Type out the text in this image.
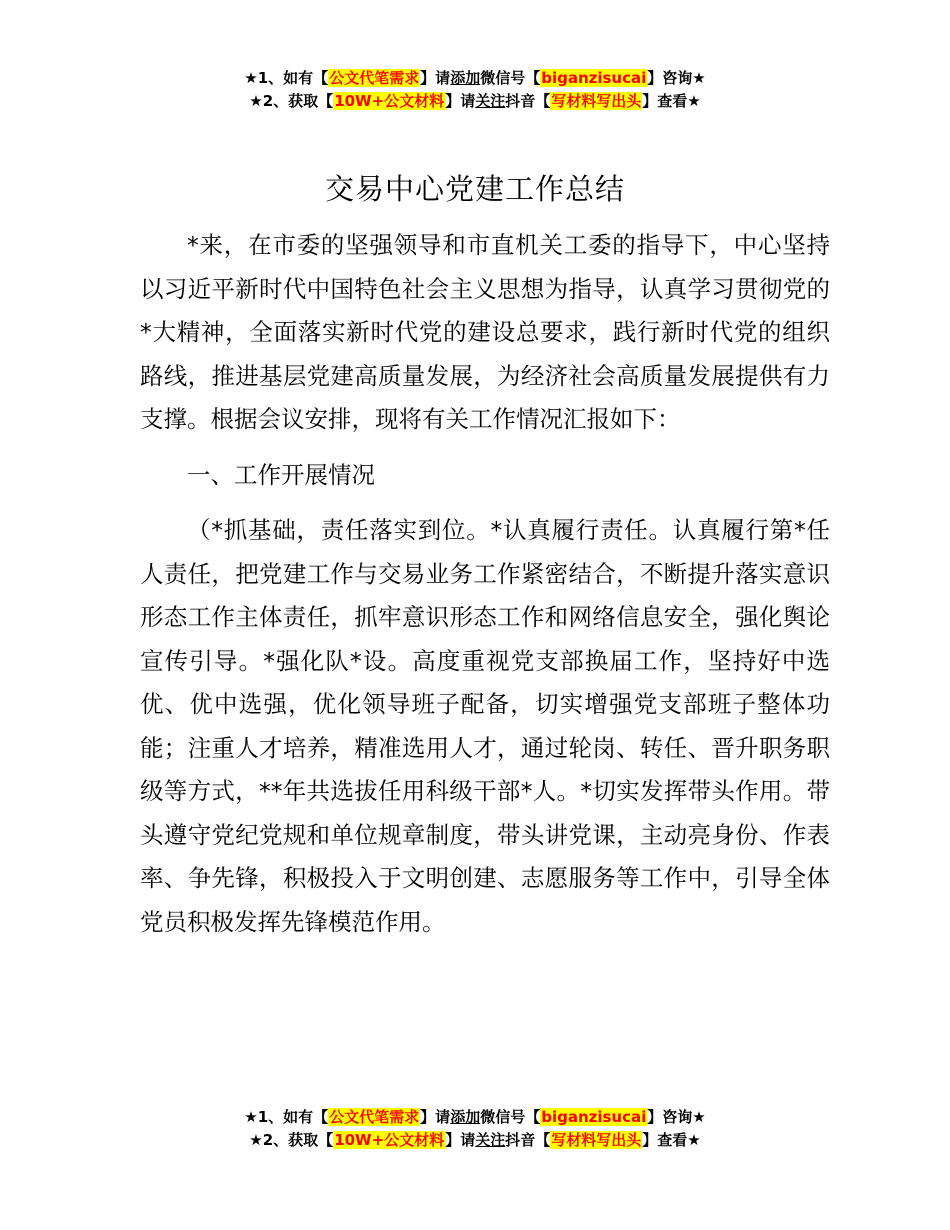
★1、如有【公文代笔需求】请添加微信号【biganzisucai】咨询★
★2、获取【10W+公文材料】请关注抖音【写材料写出头】查看★
交易中心党建工作总结

*来，在市委的坚强领导和市直机关工委的指导下，中心坚持以习近平新时代中国特色社会主义思想为指导，认真学习贯彻党的*大精神，全面落实新时代党的建设总要求，践行新时代党的组织路线，推进基层党建高质量发展，为经济社会高质量发展提供有力支撑。根据会议安排，现将有关工作情况汇报如下：

一、工作开展情况

（*抓基础，责任落实到位。*认真履行责任。认真履行第*任人责任，把党建工作与交易业务工作紧密结合，不断提升落实意识形态工作主体责任，抓牢意识形态工作和网络信息安全，强化舆论宣传引导。*强化队*设。高度重视党支部换届工作，坚持好中选优、优中选强，优化领导班子配备，切实增强党支部班子整体功能；注重人才培养，精准选用人才，通过轮岗、转任、晋升职务职级等方式，**年共选拔任用科级干部*人。*切实发挥带头作用。带头遵守党纪党规和单位规章制度，带头讲党课，主动亮身份、作表率、争先锋，积极投入于文明创建、志愿服务等工作中，引导全体党员积极发挥先锋模范作用。

★1、如有【公文代笔需求】请添加微信号【biganzisucai】咨询★
★2、获取【10W+公文材料】请关注抖音【写材料写出头】查看★
